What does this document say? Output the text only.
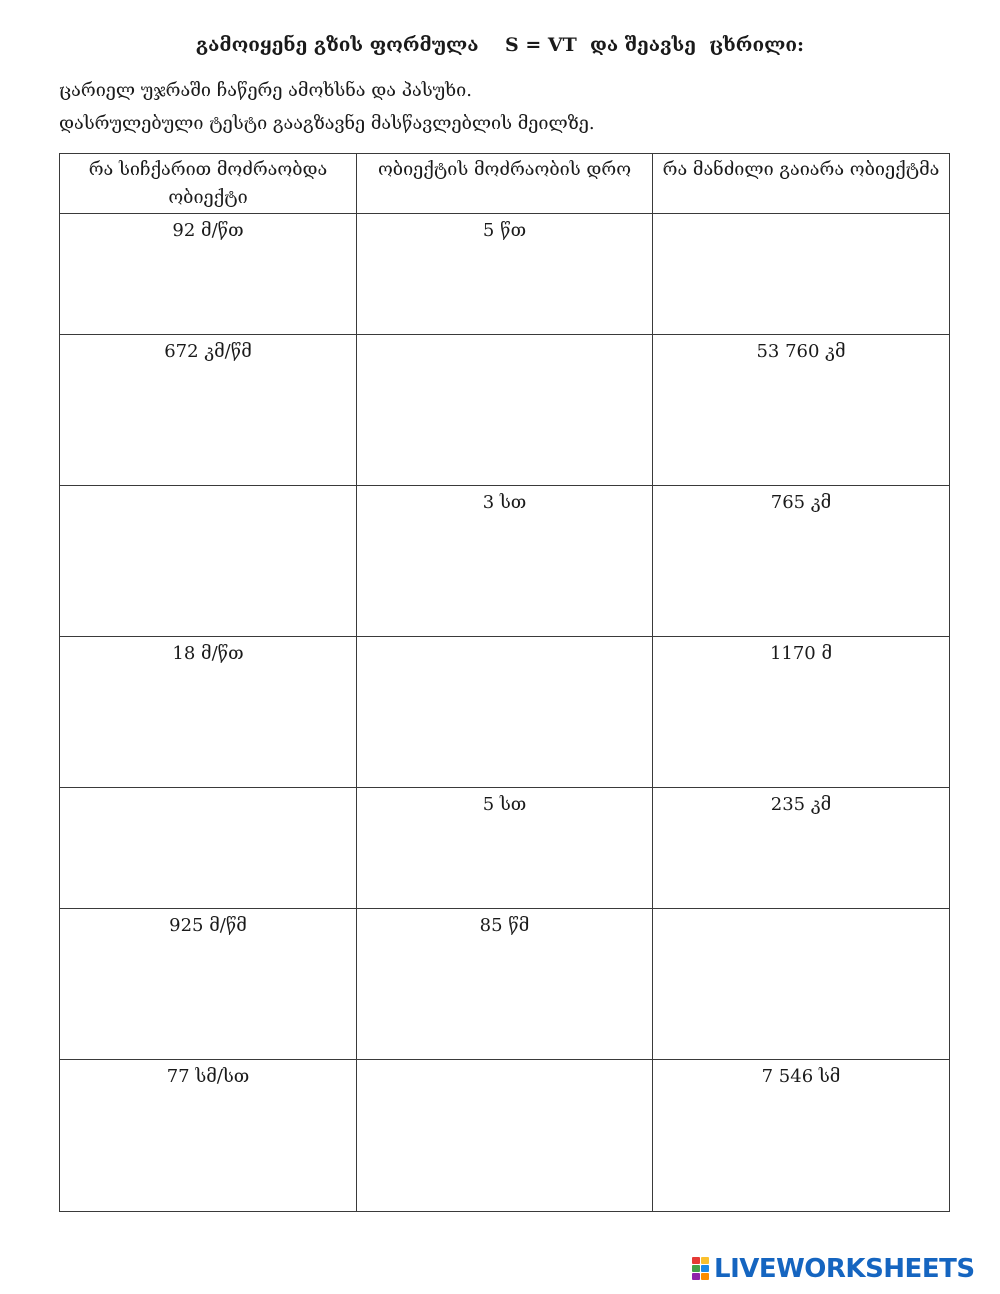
გამოიყენე გზის ფორმულა    S = VT  და შეავსე  ცხრილი:
ცარიელ უჯრაში ჩაწერე ამოხსნა და პასუხი.
დასრულებული ტესტი გააგზავნე მასწავლებლის მეილზე.
რა სიჩქარით მოძრაობდა ობიექტი	ობიექტის მოძრაობის დრო	რა მანძილი გაიარა ობიექტმა
92 მ/წთ	5 წთ	
672 კმ/წმ		53 760 კმ
	3 სთ	765 კმ
18 მ/წთ		1170 მ
	5 სთ	235 კმ
925 მ/წმ	85 წმ	
77 სმ/სთ		7 546 სმ
LIVEWORKSHEETS
